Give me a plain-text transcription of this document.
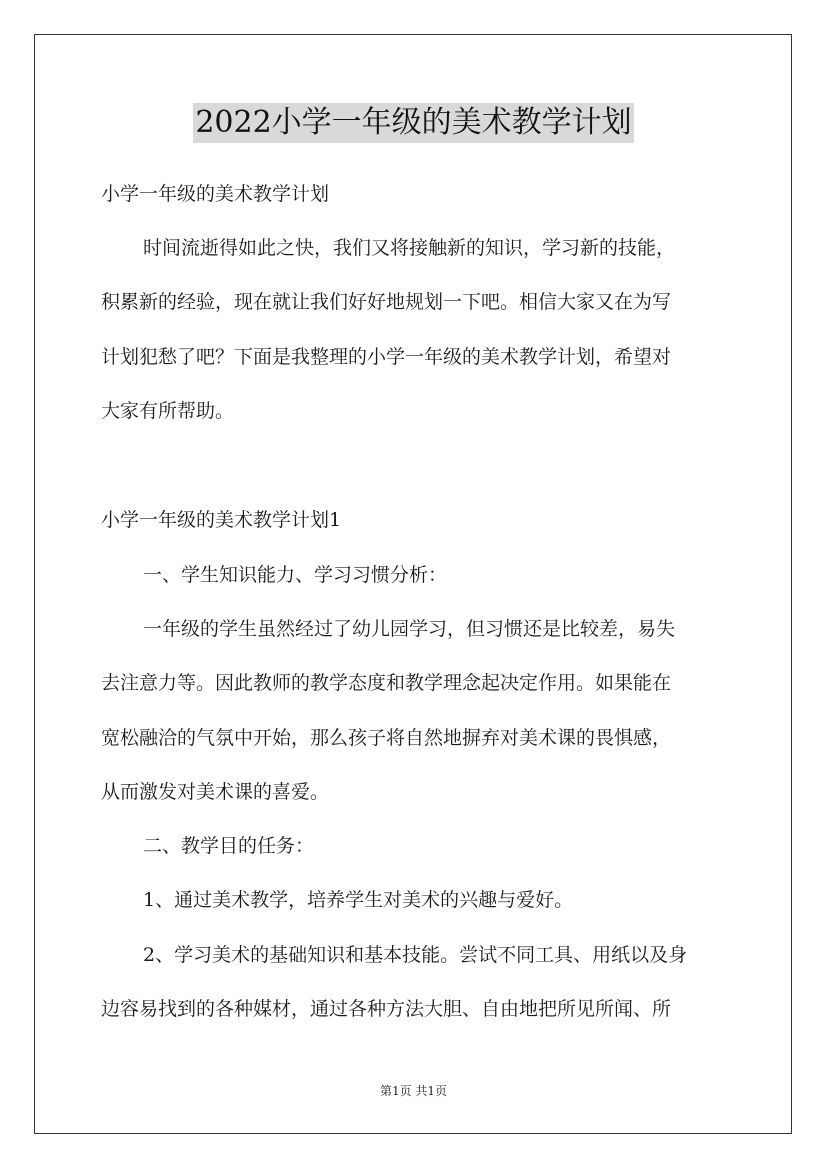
2022小学一年级的美术教学计划
小学一年级的美术教学计划
时间流逝得如此之快，我们又将接触新的知识，学习新的技能，
积累新的经验，现在就让我们好好地规划一下吧。相信大家又在为写
计划犯愁了吧？下面是我整理的小学一年级的美术教学计划，希望对
大家有所帮助。
小学一年级的美术教学计划1
一、学生知识能力、学习习惯分析：
一年级的学生虽然经过了幼儿园学习，但习惯还是比较差，易失
去注意力等。因此教师的教学态度和教学理念起决定作用。如果能在
宽松融洽的气氛中开始，那么孩子将自然地摒弃对美术课的畏惧感，
从而激发对美术课的喜爱。
二、教学目的任务：
1、通过美术教学，培养学生对美术的兴趣与爱好。
2、学习美术的基础知识和基本技能。尝试不同工具、用纸以及身
边容易找到的各种媒材，通过各种方法大胆、自由地把所见所闻、所
第1页 共1页
